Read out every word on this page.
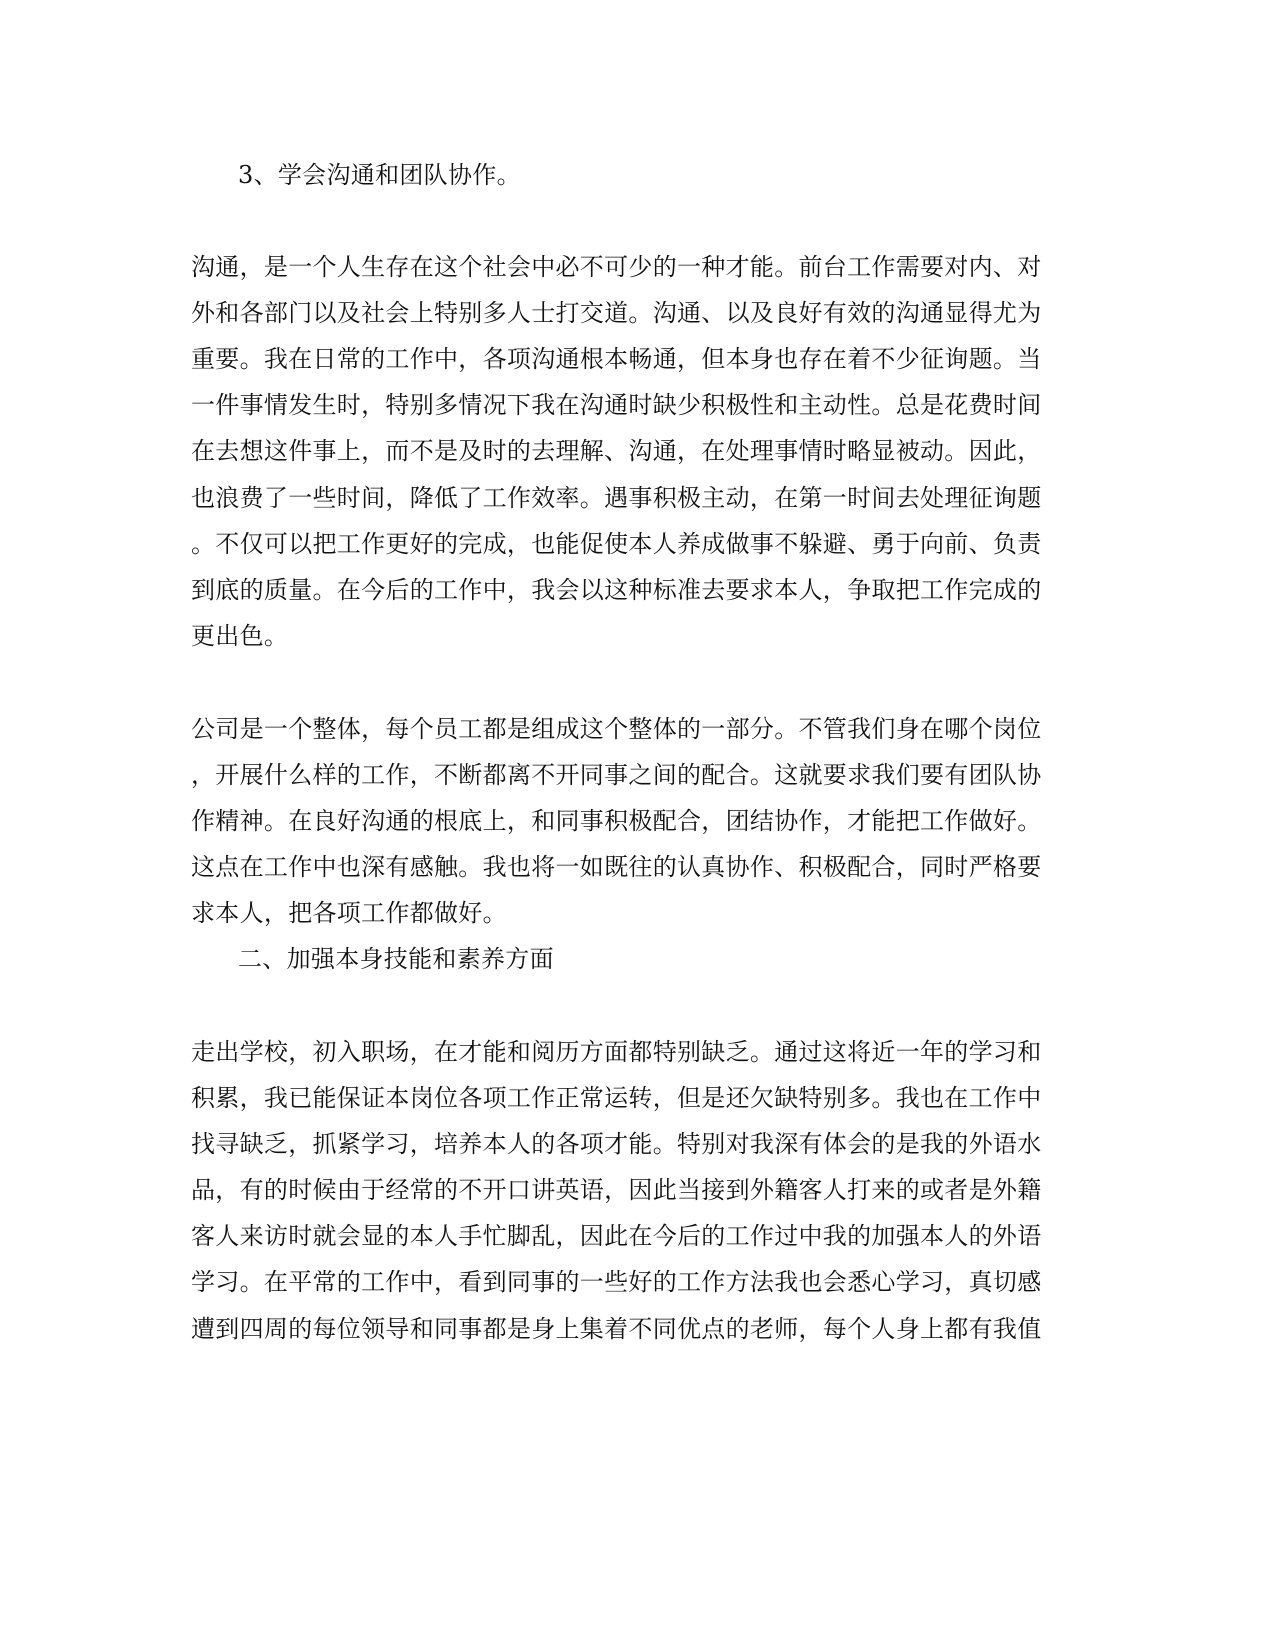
3、学会沟通和团队协作。

沟通，是一个人生存在这个社会中必不可少的一种才能。前台工作需要对内、对

外和各部门以及社会上特别多人士打交道。沟通、以及良好有效的沟通显得尤为

重要。我在日常的工作中，各项沟通根本畅通，但本身也存在着不少征询题。当

一件事情发生时，特别多情况下我在沟通时缺少积极性和主动性。总是花费时间

在去想这件事上，而不是及时的去理解、沟通，在处理事情时略显被动。因此，

也浪费了一些时间，降低了工作效率。遇事积极主动，在第一时间去处理征询题

。不仅可以把工作更好的完成，也能促使本人养成做事不躲避、勇于向前、负责

到底的质量。在今后的工作中，我会以这种标准去要求本人，争取把工作完成的

更出色。

公司是一个整体，每个员工都是组成这个整体的一部分。不管我们身在哪个岗位

，开展什么样的工作，不断都离不开同事之间的配合。这就要求我们要有团队协

作精神。在良好沟通的根底上，和同事积极配合，团结协作，才能把工作做好。

这点在工作中也深有感触。我也将一如既往的认真协作、积极配合，同时严格要

求本人，把各项工作都做好。

二、加强本身技能和素养方面

走出学校，初入职场，在才能和阅历方面都特别缺乏。通过这将近一年的学习和

积累，我已能保证本岗位各项工作正常运转，但是还欠缺特别多。我也在工作中

找寻缺乏，抓紧学习，培养本人的各项才能。特别对我深有体会的是我的外语水

品，有的时候由于经常的不开口讲英语，因此当接到外籍客人打来的或者是外籍

客人来访时就会显的本人手忙脚乱，因此在今后的工作过中我的加强本人的外语

学习。在平常的工作中，看到同事的一些好的工作方法我也会悉心学习，真切感

遭到四周的每位领导和同事都是身上集着不同优点的老师，每个人身上都有我值
